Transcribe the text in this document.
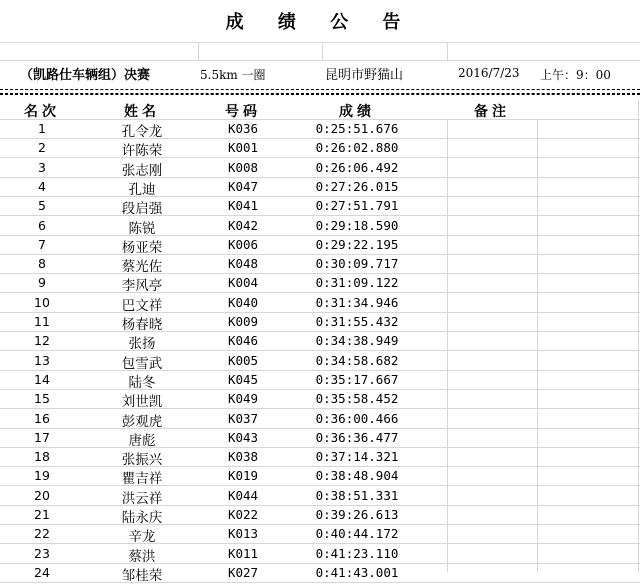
成 绩 公 告
（凯路仕车辆组）决赛	5.5km 一圈	昆明市野猫山	2016/7/23 上午：9：00
名次	姓名	号码	成绩	备注
1	孔令龙	K036	0:25:51.676
2	许陈荣	K001	0:26:02.880
3	张志刚	K008	0:26:06.492
4	孔迪	K047	0:27:26.015
5	段启强	K041	0:27:51.791
6	陈锐	K042	0:29:18.590
7	杨亚荣	K006	0:29:22.195
8	蔡光佐	K048	0:30:09.717
9	李风亭	K004	0:31:09.122
10	巴文祥	K040	0:31:34.946
11	杨春晓	K009	0:31:55.432
12	张扬	K046	0:34:38.949
13	包雪武	K005	0:34:58.682
14	陆冬	K045	0:35:17.667
15	刘世凯	K049	0:35:58.452
16	彭观虎	K037	0:36:00.466
17	唐彪	K043	0:36:36.477
18	张振兴	K038	0:37:14.321
19	瞿吉祥	K019	0:38:48.904
20	洪云祥	K044	0:38:51.331
21	陆永庆	K022	0:39:26.613
22	辛龙	K013	0:40:44.172
23	蔡洪	K011	0:41:23.110
24	邹桂荣	K027	0:41:43.001
